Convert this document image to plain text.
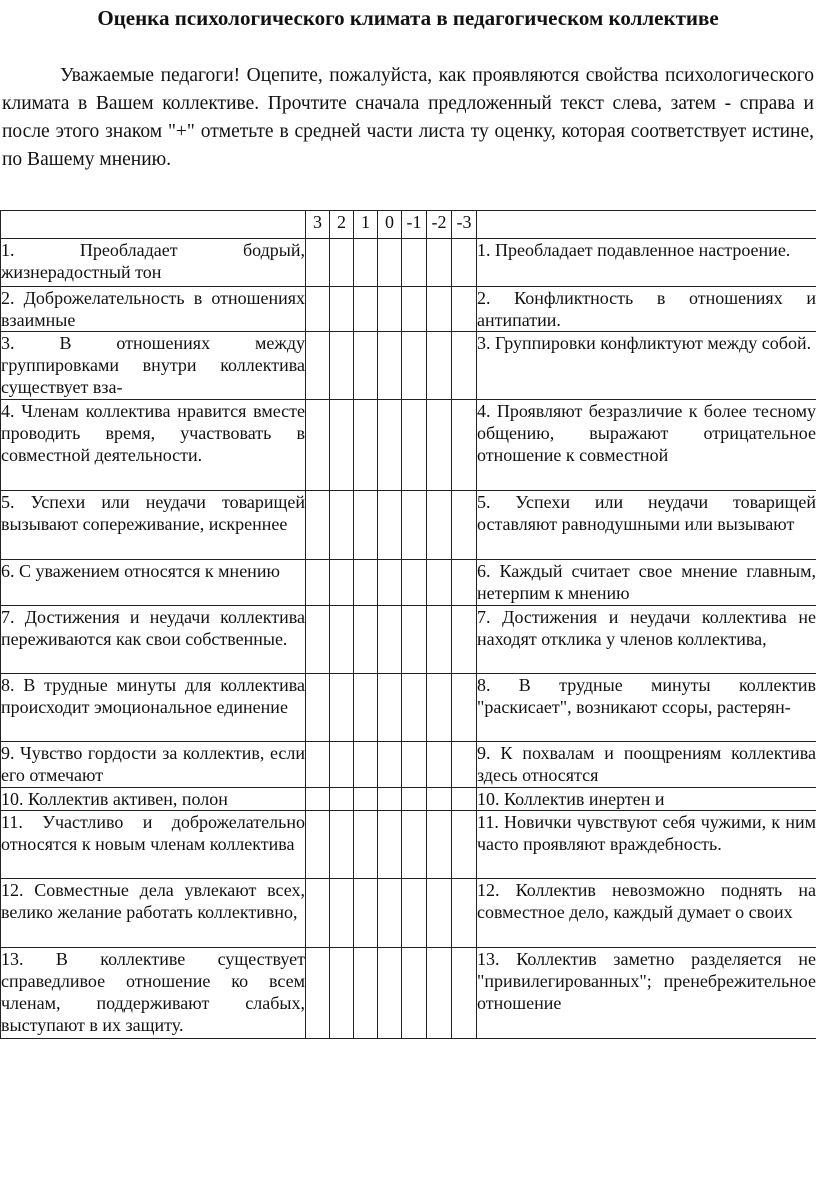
Оценка психологического климата в педагогическом коллективе

Уважаемые педагоги! Оцепите, пожалуйста, как проявляются свойства психологического климата в Вашем коллективе. Прочтите сначала предложенный текст слева, затем - справа и после этого знаком "+" отметьте в средней части листа ту оценку, которая соответствует истине, по Вашему мнению.

	3	2	1	0	-1	-2	-3	

1. Преобладает бодрый, жизнерадостный тон								1. Преобладает подавленное настроение.

2. Доброжелательность в отношениях взаимные								2. Конфликтность в отношениях и антипатии.

3. В отношениях между группировками внутри коллектива существует вза-								3. Группировки конфликтуют между собой.

4. Членам коллектива нравится вместе проводить время, участвовать в совместной деятельности.								4. Проявляют безразличие к более тесному общению, выражают отрицательное отношение к совместной

5. Успехи или неудачи товарищей вызывают сопереживание, искреннее								5. Успехи или неудачи товарищей оставляют равнодушными или вызывают

6. С уважением относятся к мнению								6. Каждый считает свое мнение главным, нетерпим к мнению

7. Достижения и неудачи коллектива переживаются как свои собственные.								7. Достижения и неудачи коллектива не находят отклика у членов коллектива,

8. В трудные минуты для коллектива происходит эмоциональное единение								8. В трудные минуты коллектив "раскисает", возникают ссоры, растерян-

9. Чувство гордости за коллектив, если его отмечают								9. К похвалам и поощрениям коллектива здесь относятся

10. Коллектив активен, полон								10. Коллектив инертен и

11. Участливо и доброжелательно относятся к новым членам коллектива								11. Новички чувствуют себя чужими, к ним часто проявляют враждебность.

12. Совместные дела увлекают всех, велико желание работать коллективно,								12. Коллектив невозможно поднять на совместное дело, каждый думает о своих

13. В коллективе существует справедливое отношение ко всем членам, поддерживают слабых, выступают в их защиту.								13. Коллектив заметно разделяется не "привилегированных"; пренебрежительное отношение
